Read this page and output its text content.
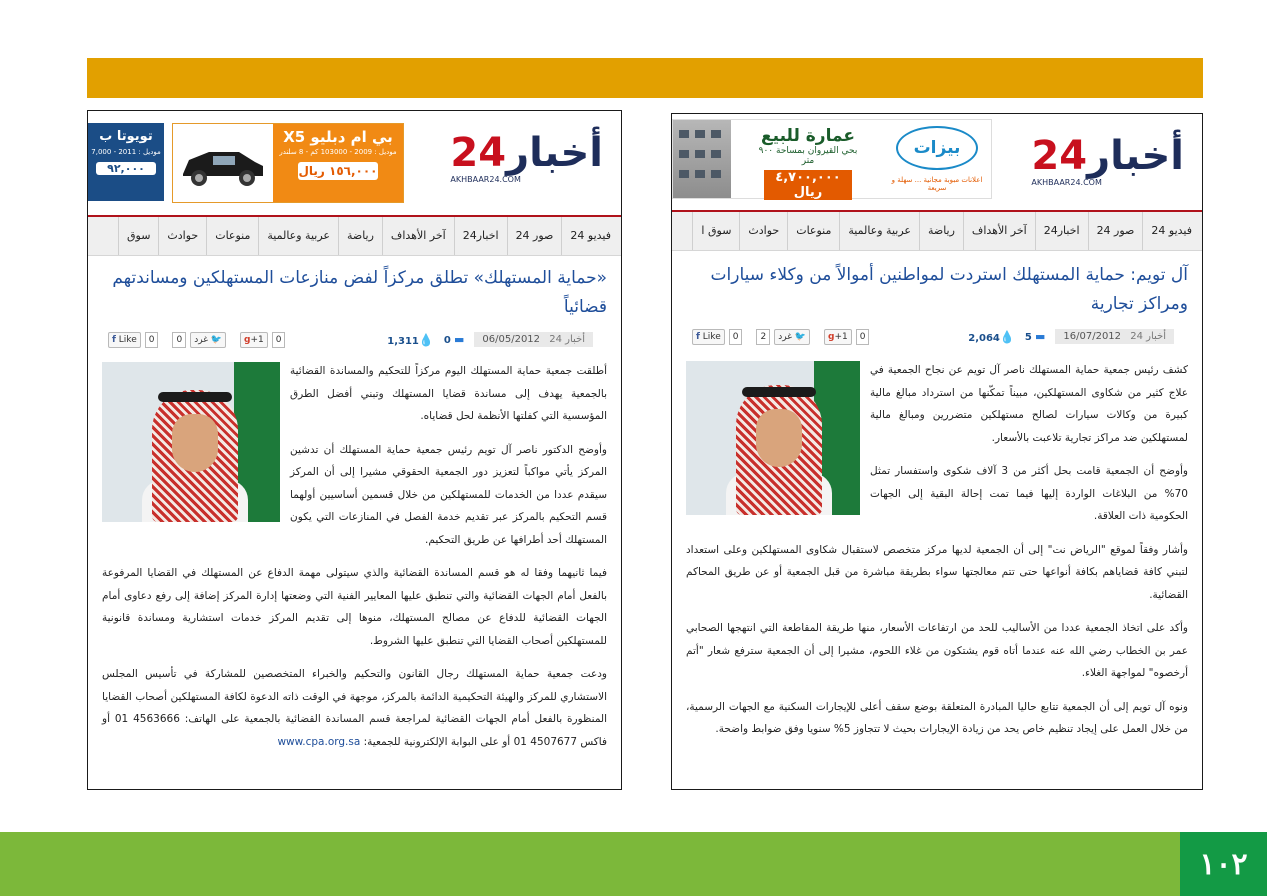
أخبار24
AKHBAAR24.COM
بي ام دبليو X5
موديل : 2009 - 103000 كم - 8 سلندر
١٥٦,٠٠٠ ريال
تويوتا ب
موديل : 2011 - 7,000
٩٢,٠٠٠
فيديو 24
صور 24
اخبار24
آخر الأهداف
رياضة
عربية وعالمية
منوعات
حوادث
سوق
«حماية المستهلك» تطلق مركزاً لفض منازعات المستهلكين ومساندتهم قضائياً
أخبار 24 06/05/2012
▬ 0
💧1,311
f Like	0	0	غرد 🐦	g+1	0

أطلقت جمعية حماية المستهلك اليوم مركزاً للتحكيم والمساندة القضائية بالجمعية يهدف إلى مساندة قضايا المستهلك وتبني أفضل الطرق المؤسسية التي كفلتها الأنظمة لحل قضاياه.

وأوضح الدكتور ناصر آل تويم رئيس جمعية حماية المستهلك أن تدشين المركز يأتي مواكباً لتعزيز دور الجمعية الحقوقي مشيرا إلى أن المركز سيقدم عددا من الخدمات للمستهلكين من خلال قسمين أساسيين أولهما قسم التحكيم بالمركز عبر تقديم خدمة الفصل في المنازعات التي يكون المستهلك أحد أطرافها عن طريق التحكيم.

فيما ثانيهما وفقا له هو قسم المساندة القضائية والذي سيتولى مهمة الدفاع عن المستهلك في القضايا المرفوعة بالفعل أمام الجهات القضائية والتي تنطبق عليها المعايير الفنية التي وضعتها إدارة المركز إضافة إلى رفع دعاوى أمام الجهات القضائية للدفاع عن مصالح المستهلك، منوها إلى تقديم المركز خدمات استشارية ومساندة قانونية للمستهلكين أصحاب القضايا التي تنطبق عليها الشروط.

ودعت جمعية حماية المستهلك رجال القانون والتحكيم والخبراء المتخصصين للمشاركة في تأسيس المجلس الاستشاري للمركز والهيئة التحكيمية الدائمة بالمركز، موجهة في الوقت ذاته الدعوة لكافة المستهلكين أصحاب القضايا المنظورة بالفعل أمام الجهات القضائية لمراجعة قسم المساندة القضائية بالجمعية على الهاتف: 4563666 01 أو فاكس 4507677 01 أو على البوابة الإلكترونية للجمعية: www.cpa.org.sa

أخبار24
AKHBAAR24.COM
عمارة للبيع
بحي القيروان بمساحة ٩٠٠ متر
٤,٧٠٠,٠٠٠ ريال
بيزات
اعلانات مبوبة مجانية ... سهلة و سريعة
فيديو 24
صور 24
اخبار24
آخر الأهداف
رياضة
عربية وعالمية
منوعات
حوادث
سوق ا
آل تويم: حماية المستهلك استردت لمواطنين أموالاً من وكلاء سيارات ومراكز تجارية
أخبار 24 16/07/2012
▬ 5
💧2,064
f Like	0	2	غرد 🐦	g+1	0

كشف رئيس جمعية حماية المستهلك ناصر آل تويم عن نجاح الجمعية في علاج كثير من شكاوى المستهلكين، مبيناً تمكّنها من استرداد مبالغ مالية كبيرة من وكالات سيارات لصالح مستهلكين متضررين ومبالغ مالية لمستهلكين ضد مراكز تجارية تلاعبت بالأسعار.

وأوضح أن الجمعية قامت بحل أكثر من 3 آلاف شكوى واستفسار تمثل 70% من البلاغات الواردة إليها فيما تمت إحالة البقية إلى الجهات الحكومية ذات العلاقة.

وأشار وفقاً لموقع "الرياض نت" إلى أن الجمعية لديها مركز متخصص لاستقبال شكاوى المستهلكين وعلى استعداد لتبني كافة قضاياهم بكافة أنواعها حتى تتم معالجتها سواء بطريقة مباشرة من قبل الجمعية أو عن طريق المحاكم القضائية.

وأكد على اتخاذ الجمعية عددا من الأساليب للحد من ارتفاعات الأسعار، منها طريقة المقاطعة التي انتهجها الصحابي عمر بن الخطاب رضي الله عنه عندما أتاه قوم يشتكون من غلاء اللحوم، مشيرا إلى أن الجمعية سترفع شعار "أتم أرخصوه" لمواجهة الغلاء.

ونوه آل تويم إلى أن الجمعية تتابع حاليا المبادرة المتعلقة بوضع سقف أعلى للإيجارات السكنية مع الجهات الرسمية، من خلال العمل على إيجاد تنظيم خاص يحد من زيادة الإيجارات بحيث لا تتجاوز 5% سنويا وفق ضوابط واضحة.

١٠٢
